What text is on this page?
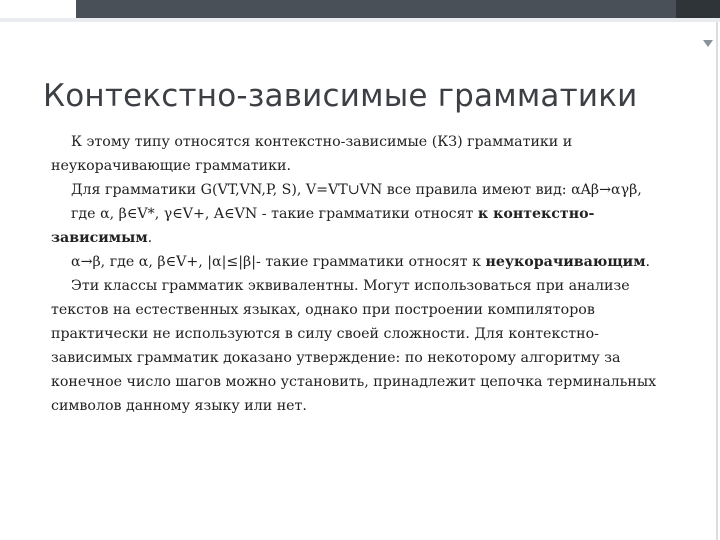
Контекстно-зависимые грамматики

К этому типу относятся контекстно-зависимые (КЗ) грамматики и неукорачивающие грамматики.

Для грамматики G(VT,VN,P, S), V=VT∪VN все правила имеют вид: αAβ→αγβ,

где α, β∈V*, γ∈V+, A∈VN - такие грамматики относят к контекстно-зависимым.

α→β, где α, β∈V+, |α|≤|β|- такие грамматики относят к неукорачивающим.

Эти классы грамматик эквивалентны. Могут использоваться при анализе текстов на естественных языках, однако при построении компиляторов практически не используются в силу своей сложности. Для контекстно-зависимых грамматик доказано утверждение: по некоторому алгоритму за конечное число шагов можно установить, принадлежит цепочка терминальных символов данному языку или нет.
